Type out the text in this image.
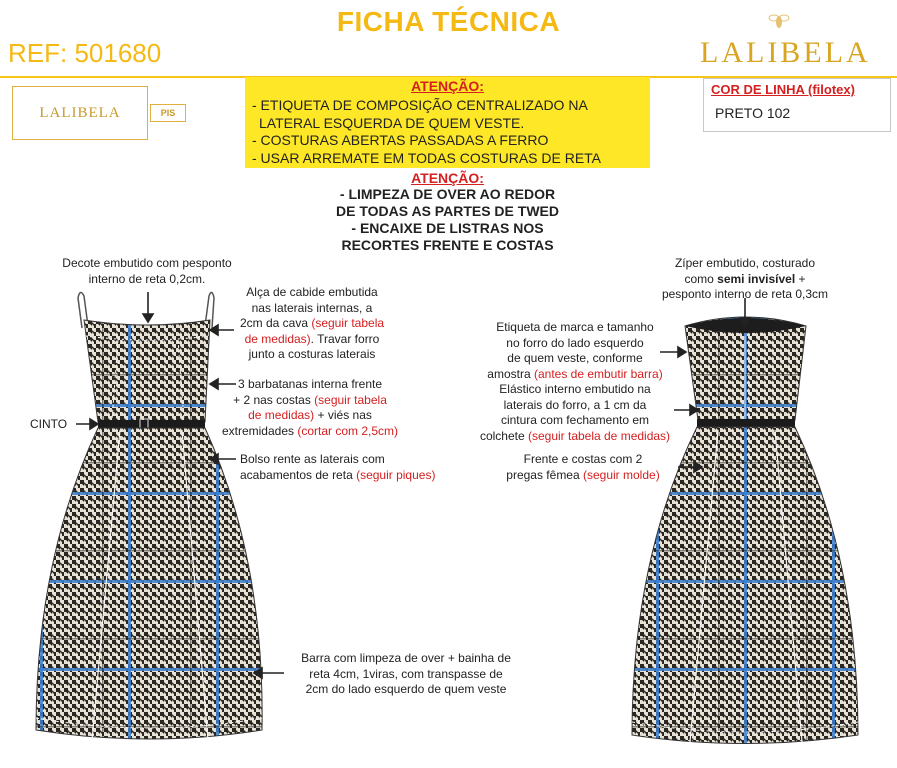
FICHA TÉCNICA
REF: 501680	LALIBELA
LALIBELA	PIS
ATENÇÃO:
- ETIQUETA DE COMPOSIÇÃO CENTRALIZADO NA
LATERAL ESQUERDA DE QUEM VESTE.
- COSTURAS ABERTAS PASSADAS A FERRO
- USAR ARREMATE EM TODAS COSTURAS DE RETA
ATENÇÃO:
- LIMPEZA DE OVER AO REDOR
DE TODAS AS PARTES DE TWED
- ENCAIXE DE LISTRAS NOS
RECORTES FRENTE E COSTAS
COR DE LINHA (filotex)
PRETO 102
Decote embutido com pesponto
interno de reta 0,2cm.
Alça de cabide embutida
nas laterais internas, a
2cm da cava (seguir tabela
de medidas). Travar forro
junto a costuras laterais
3 barbatanas interna frente
+ 2 nas costas (seguir tabela
de medidas) + viés nas
extremidades (cortar com 2,5cm)
CINTO
Bolso rente as laterais com
acabamentos de reta (seguir piques)
Barra com limpeza de over + bainha de
reta 4cm, 1viras, com transpasse de
2cm do lado esquerdo de quem veste
Zíper embutido, costurado
como semi invisível +
pesponto interno de reta 0,3cm
Etiqueta de marca e tamanho
no forro do lado esquerdo
de quem veste, conforme
amostra (antes de embutir barra)
Elástico interno embutido na
laterais do forro, a 1 cm da
cintura com fechamento em
colchete (seguir tabela de medidas)
Frente e costas com 2
pregas fêmea (seguir molde)
